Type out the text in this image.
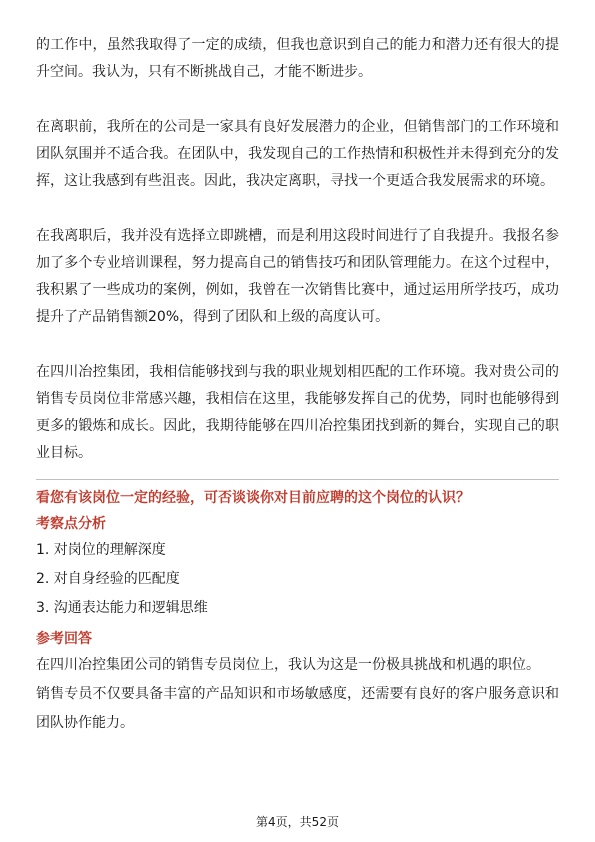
的工作中，虽然我取得了一定的成绩，但我也意识到自己的能力和潜力还有很大的提升空间。我认为，只有不断挑战自己，才能不断进步。

在离职前，我所在的公司是一家具有良好发展潜力的企业，但销售部门的工作环境和团队氛围并不适合我。在团队中，我发现自己的工作热情和积极性并未得到充分的发挥，这让我感到有些沮丧。因此，我决定离职，寻找一个更适合我发展需求的环境。

在我离职后，我并没有选择立即跳槽，而是利用这段时间进行了自我提升。我报名参加了多个专业培训课程，努力提高自己的销售技巧和团队管理能力。在这个过程中，我积累了一些成功的案例，例如，我曾在一次销售比赛中，通过运用所学技巧，成功提升了产品销售额20%，得到了团队和上级的高度认可。

在四川冶控集团，我相信能够找到与我的职业规划相匹配的工作环境。我对贵公司的销售专员岗位非常感兴趣，我相信在这里，我能够发挥自己的优势，同时也能够得到更多的锻炼和成长。因此，我期待能够在四川冶控集团找到新的舞台，实现自己的职业目标。

看您有该岗位一定的经验，可否谈谈你对目前应聘的这个岗位的认识？

考察点分析

1. 对岗位的理解深度

2. 对自身经验的匹配度

3. 沟通表达能力和逻辑思维

参考回答

在四川冶控集团公司的销售专员岗位上，我认为这是一份极具挑战和机遇的职位。

销售专员不仅要具备丰富的产品知识和市场敏感度，还需要有良好的客户服务意识和团队协作能力。

第4页，共52页
